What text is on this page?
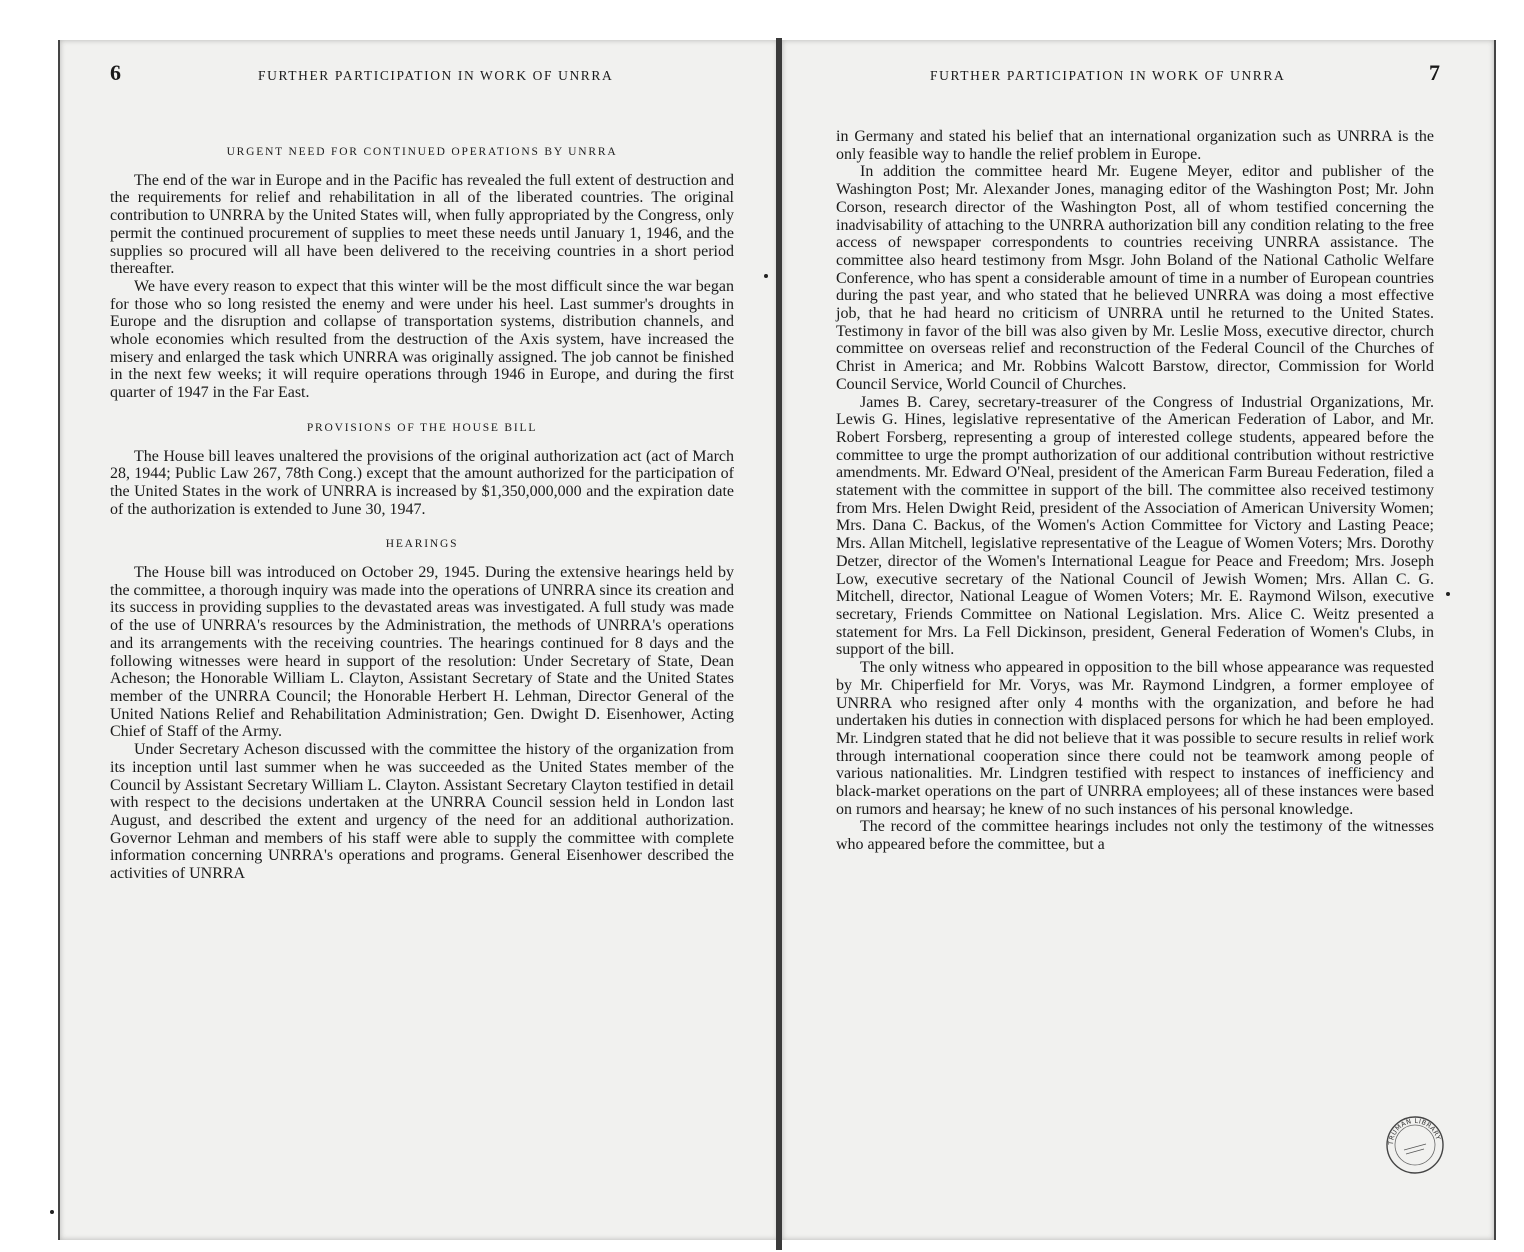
6	FURTHER PARTICIPATION IN WORK OF UNRRA	FURTHER PARTICIPATION IN WORK OF UNRRA	7
URGENT NEED FOR CONTINUED OPERATIONS BY UNRRA

The end of the war in Europe and in the Pacific has revealed the full extent of destruction and the requirements for relief and rehabilitation in all of the liberated countries. The original contribution to UNRRA by the United States will, when fully appropriated by the Congress, only permit the continued procurement of supplies to meet these needs until January 1, 1946, and the supplies so procured will all have been delivered to the receiving countries in a short period thereafter.

We have every reason to expect that this winter will be the most difficult since the war began for those who so long resisted the enemy and were under his heel. Last summer's droughts in Europe and the disruption and collapse of transportation systems, distribution channels, and whole economies which resulted from the destruction of the Axis system, have increased the misery and enlarged the task which UNRRA was originally assigned. The job cannot be finished in the next few weeks; it will require operations through 1946 in Europe, and during the first quarter of 1947 in the Far East.

PROVISIONS OF THE HOUSE BILL

The House bill leaves unaltered the provisions of the original authorization act (act of March 28, 1944; Public Law 267, 78th Cong.) except that the amount authorized for the participation of the United States in the work of UNRRA is increased by $1,350,000,000 and the expiration date of the authorization is extended to June 30, 1947.

HEARINGS

The House bill was introduced on October 29, 1945. During the extensive hearings held by the committee, a thorough inquiry was made into the operations of UNRRA since its creation and its success in providing supplies to the devastated areas was investigated. A full study was made of the use of UNRRA's resources by the Administration, the methods of UNRRA's operations and its arrangements with the receiving countries. The hearings continued for 8 days and the following witnesses were heard in support of the resolution: Under Secretary of State, Dean Acheson; the Honorable William L. Clayton, Assistant Secretary of State and the United States member of the UNRRA Council; the Honorable Herbert H. Lehman, Director General of the United Nations Relief and Rehabilitation Administration; Gen. Dwight D. Eisenhower, Acting Chief of Staff of the Army.

Under Secretary Acheson discussed with the committee the history of the organization from its inception until last summer when he was succeeded as the United States member of the Council by Assistant Secretary William L. Clayton. Assistant Secretary Clayton testified in detail with respect to the decisions undertaken at the UNRRA Council session held in London last August, and described the extent and urgency of the need for an additional authorization. Governor Lehman and members of his staff were able to supply the committee with complete information concerning UNRRA's operations and programs. General Eisenhower described the activities of UNRRA

in Germany and stated his belief that an international organization such as UNRRA is the only feasible way to handle the relief problem in Europe.

In addition the committee heard Mr. Eugene Meyer, editor and publisher of the Washington Post; Mr. Alexander Jones, managing editor of the Washington Post; Mr. John Corson, research director of the Washington Post, all of whom testified concerning the inadvisability of attaching to the UNRRA authorization bill any condition relating to the free access of newspaper correspondents to countries receiving UNRRA assistance. The committee also heard testimony from Msgr. John Boland of the National Catholic Welfare Conference, who has spent a considerable amount of time in a number of European countries during the past year, and who stated that he believed UNRRA was doing a most effective job, that he had heard no criticism of UNRRA until he returned to the United States. Testimony in favor of the bill was also given by Mr. Leslie Moss, executive director, church committee on overseas relief and reconstruction of the Federal Council of the Churches of Christ in America; and Mr. Robbins Walcott Barstow, director, Commission for World Council Service, World Council of Churches.

James B. Carey, secretary-treasurer of the Congress of Industrial Organizations, Mr. Lewis G. Hines, legislative representative of the American Federation of Labor, and Mr. Robert Forsberg, representing a group of interested college students, appeared before the committee to urge the prompt authorization of our additional contribution without restrictive amendments. Mr. Edward O'Neal, president of the American Farm Bureau Federation, filed a statement with the committee in support of the bill. The committee also received testimony from Mrs. Helen Dwight Reid, president of the Association of American University Women; Mrs. Dana C. Backus, of the Women's Action Committee for Victory and Lasting Peace; Mrs. Allan Mitchell, legislative representative of the League of Women Voters; Mrs. Dorothy Detzer, director of the Women's International League for Peace and Freedom; Mrs. Joseph Low, executive secretary of the National Council of Jewish Women; Mrs. Allan C. G. Mitchell, director, National League of Women Voters; Mr. E. Raymond Wilson, executive secretary, Friends Committee on National Legislation. Mrs. Alice C. Weitz presented a statement for Mrs. La Fell Dickinson, president, General Federation of Women's Clubs, in support of the bill.

The only witness who appeared in opposition to the bill whose appearance was requested by Mr. Chiperfield for Mr. Vorys, was Mr. Raymond Lindgren, a former employee of UNRRA who resigned after only 4 months with the organization, and before he had undertaken his duties in connection with displaced persons for which he had been employed. Mr. Lindgren stated that he did not believe that it was possible to secure results in relief work through international cooperation since there could not be teamwork among people of various nationalities. Mr. Lindgren testified with respect to instances of inefficiency and black-market operations on the part of UNRRA employees; all of these instances were based on rumors and hearsay; he knew of no such instances of his personal knowledge.

The record of the committee hearings includes not only the testimony of the witnesses who appeared before the committee, but a

TRUMAN LIBRARY
